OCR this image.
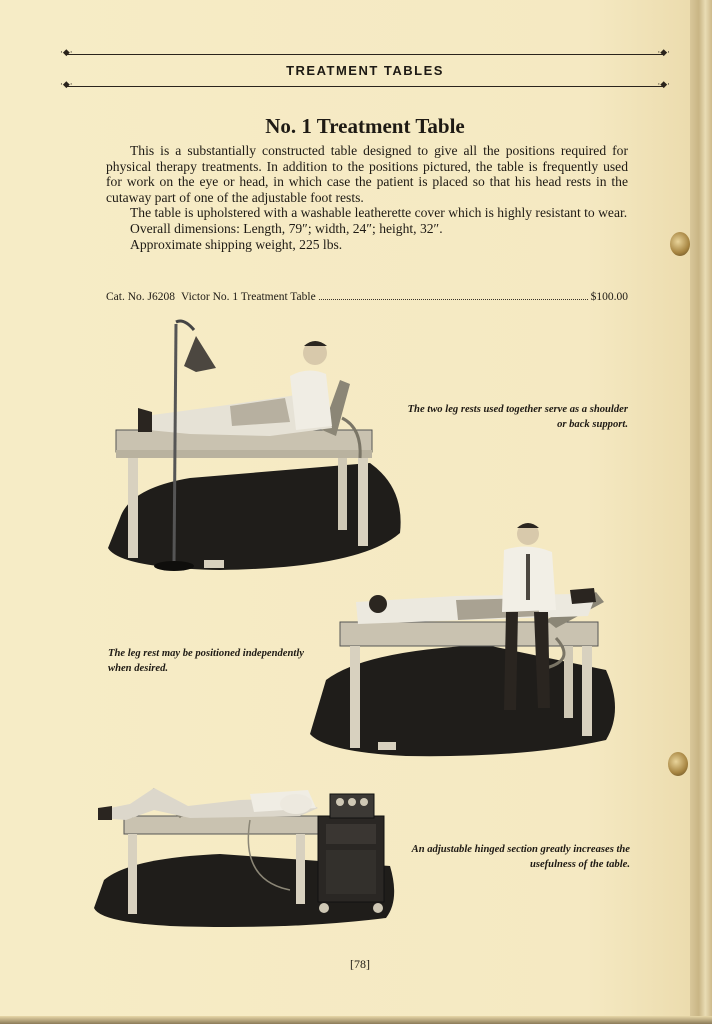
·◆·	·◆·
TREATMENT TABLES
·◆·	·◆·
No. 1 Treatment Table

This is a substantially constructed table designed to give all the positions required for physical therapy treatments. In addition to the positions pictured, the table is frequently used for work on the eye or head, in which case the patient is placed so that his head rests in the cutaway part of one of the adjustable foot rests.

The table is upholstered with a washable leatherette cover which is highly resistant to wear.

Overall dimensions: Length, 79″; width, 24″; height, 32″.

Approximate shipping weight, 225 lbs.

Cat. No. J6208 Victor No. 1 Treatment Table	$100.00
The two leg rests used together serve as a shoulder or back support.
The leg rest may be positioned independently when desired.
An adjustable hinged section greatly increases the usefulness of the table.
[78]
